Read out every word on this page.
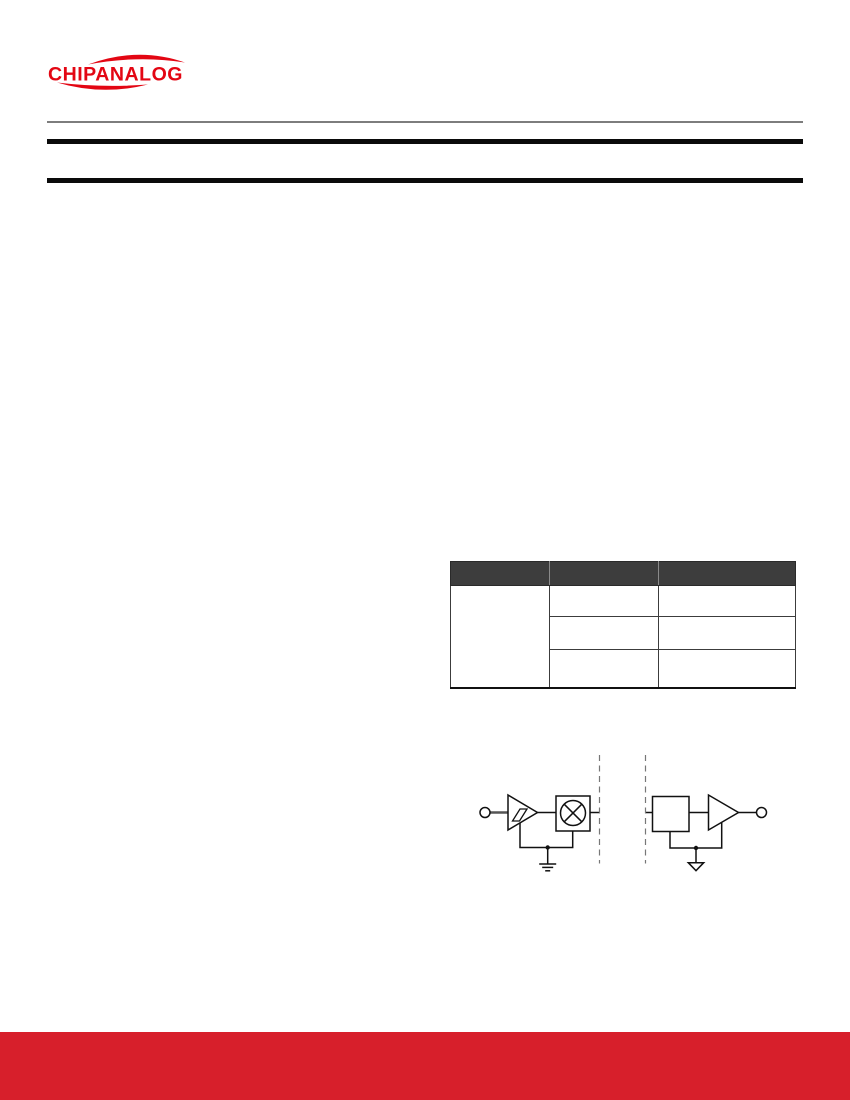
CHIPANALOG
